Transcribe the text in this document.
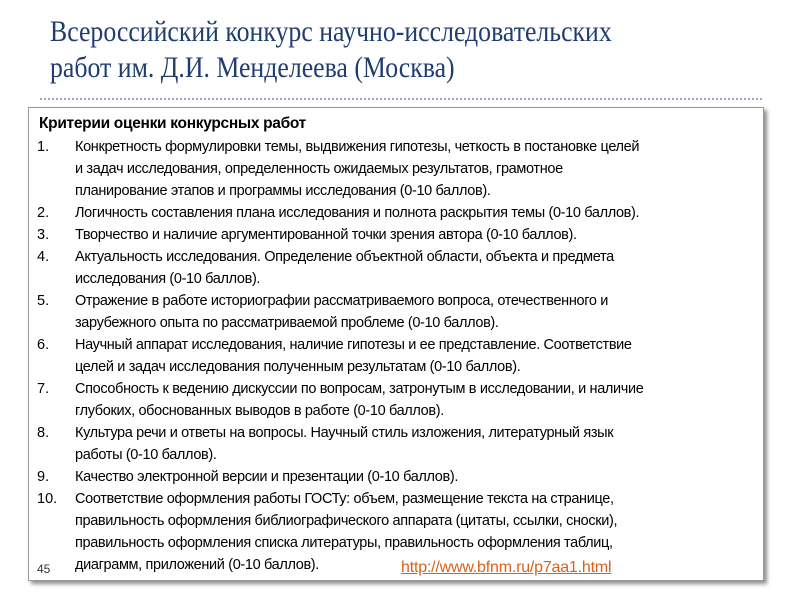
Всероссийский конкурс научно-исследовательских
работ им. Д.И. Менделеева (Москва)
Критерии оценки конкурсных работ
1. Конкретность формулировки темы, выдвижения гипотезы, четкость в постановке целей
и задач исследования, определенность ожидаемых результатов, грамотное
планирование этапов и программы исследования (0-10 баллов).
2. Логичность составления плана исследования и полнота раскрытия темы (0-10 баллов).
3. Творчество и наличие аргументированной точки зрения автора (0-10 баллов).
4. Актуальность исследования. Определение объектной области, объекта и предмета
исследования (0-10 баллов).
5. Отражение в работе историографии рассматриваемого вопроса, отечественного и
зарубежного опыта по рассматриваемой проблеме (0-10 баллов).
6. Научный аппарат исследования, наличие гипотезы и ее представление. Соответствие
целей и задач исследования полученным результатам (0-10 баллов).
7. Способность к ведению дискуссии по вопросам, затронутым в исследовании, и наличие
глубоких, обоснованных выводов в работе (0-10 баллов).
8. Культура речи и ответы на вопросы. Научный стиль изложения, литературный язык
работы (0-10 баллов).
9. Качество электронной версии и презентации (0-10 баллов).
10. Соответствие оформления работы ГОСТу: объем, размещение текста на странице,
правильность оформления библиографического аппарата (цитаты, ссылки, сноски),
правильность оформления списка литературы, правильность оформления таблиц,
диаграмм, приложений (0-10 баллов).
45	http://www.bfnm.ru/p7aa1.html
